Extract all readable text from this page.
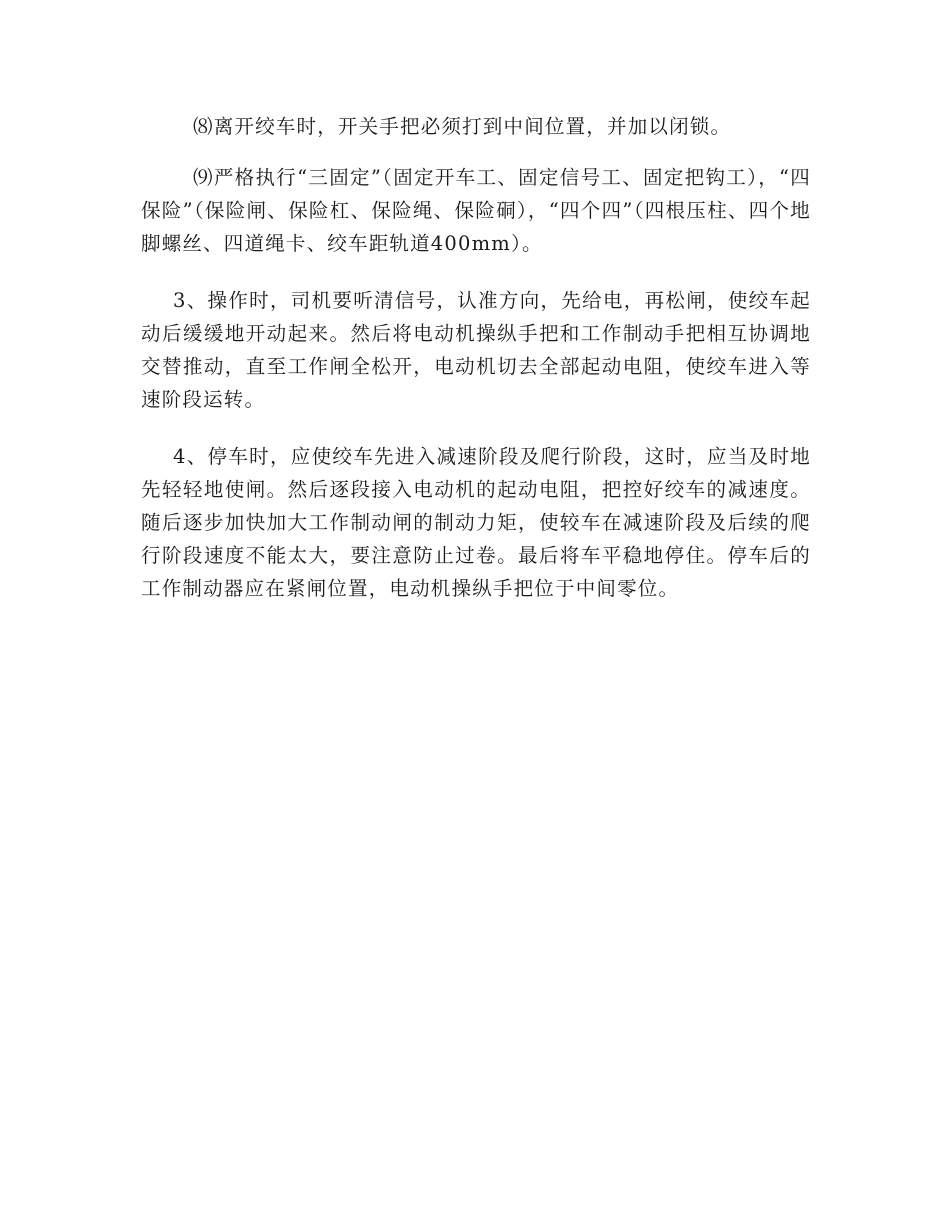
⑻离开绞车时，开关手把必须打到中间位置，并加以闭锁。

⑼严格执行“三固定”（固定开车工、固定信号工、固定把钩工），“四保险”（保险闸、保险杠、保险绳、保险硐），“四个四”（四根压柱、四个地脚螺丝、四道绳卡、绞车距轨道400mm）。

3、操作时，司机要听清信号，认准方向，先给电，再松闸，使绞车起动后缓缓地开动起来。然后将电动机操纵手把和工作制动手把相互协调地交替推动，直至工作闸全松开，电动机切去全部起动电阻，使绞车进入等速阶段运转。

4、停车时，应使绞车先进入减速阶段及爬行阶段，这时，应当及时地先轻轻地使闸。然后逐段接入电动机的起动电阻，把控好绞车的减速度。随后逐步加快加大工作制动闸的制动力矩，使较车在减速阶段及后续的爬行阶段速度不能太大，要注意防止过卷。最后将车平稳地停住。停车后的工作制动器应在紧闸位置，电动机操纵手把位于中间零位。
